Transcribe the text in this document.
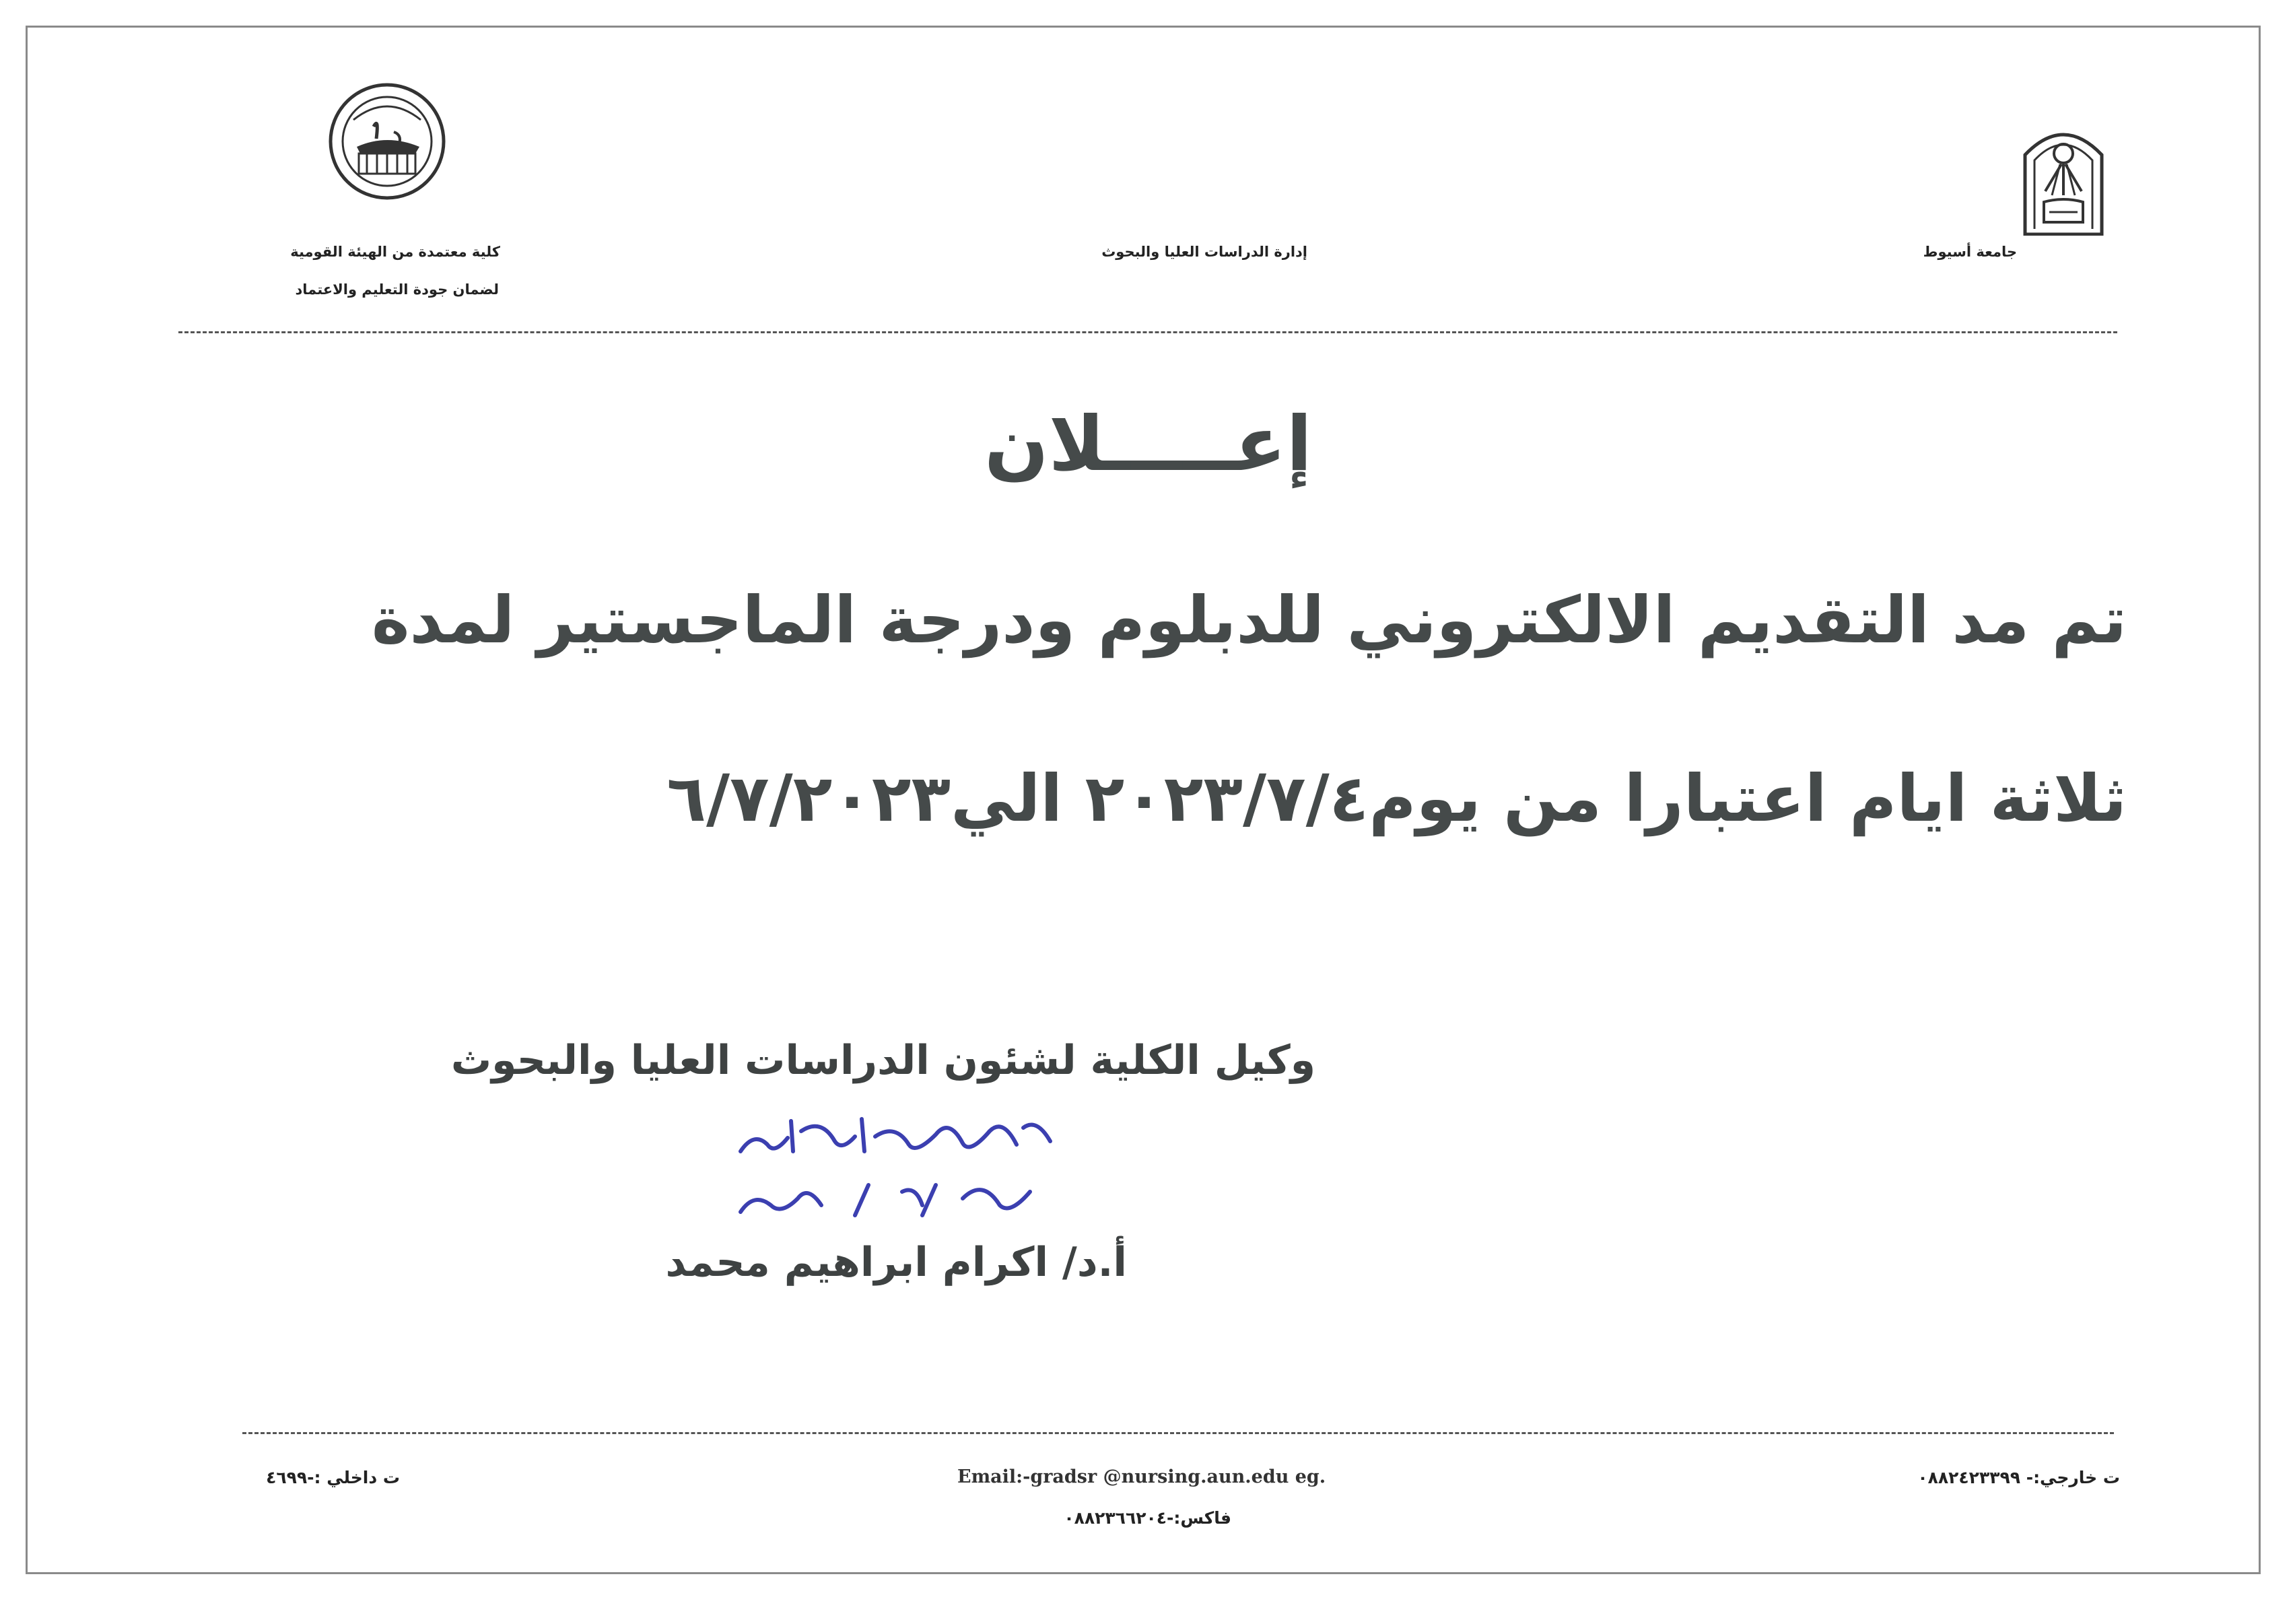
جامعة أسيوط
إدارة الدراسات العليا والبحوث
كلية معتمدة من الهيئة القومية
لضمان جودة التعليم والاعتماد
إعـــــلان
تم مد التقديم الالكتروني للدبلوم ودرجة الماجستير لمدة
ثلاثة ايام اعتبارا من يوم٢٠٢٣/٧/٤ الي٦/٧/٢٠٢٣
وكيل الكلية لشئون الدراسات العليا والبحوث
أ.د/ اكرام ابراهيم محمد
ت خارجي:- ٠٨٨٢٤٢٣٣٩٩
Email:-gradsr @nursing.aun.edu eg.
فاكس:-٠٨٨٢٣٦٦٢٠٤
ت داخلي :-٤٦٩٩
